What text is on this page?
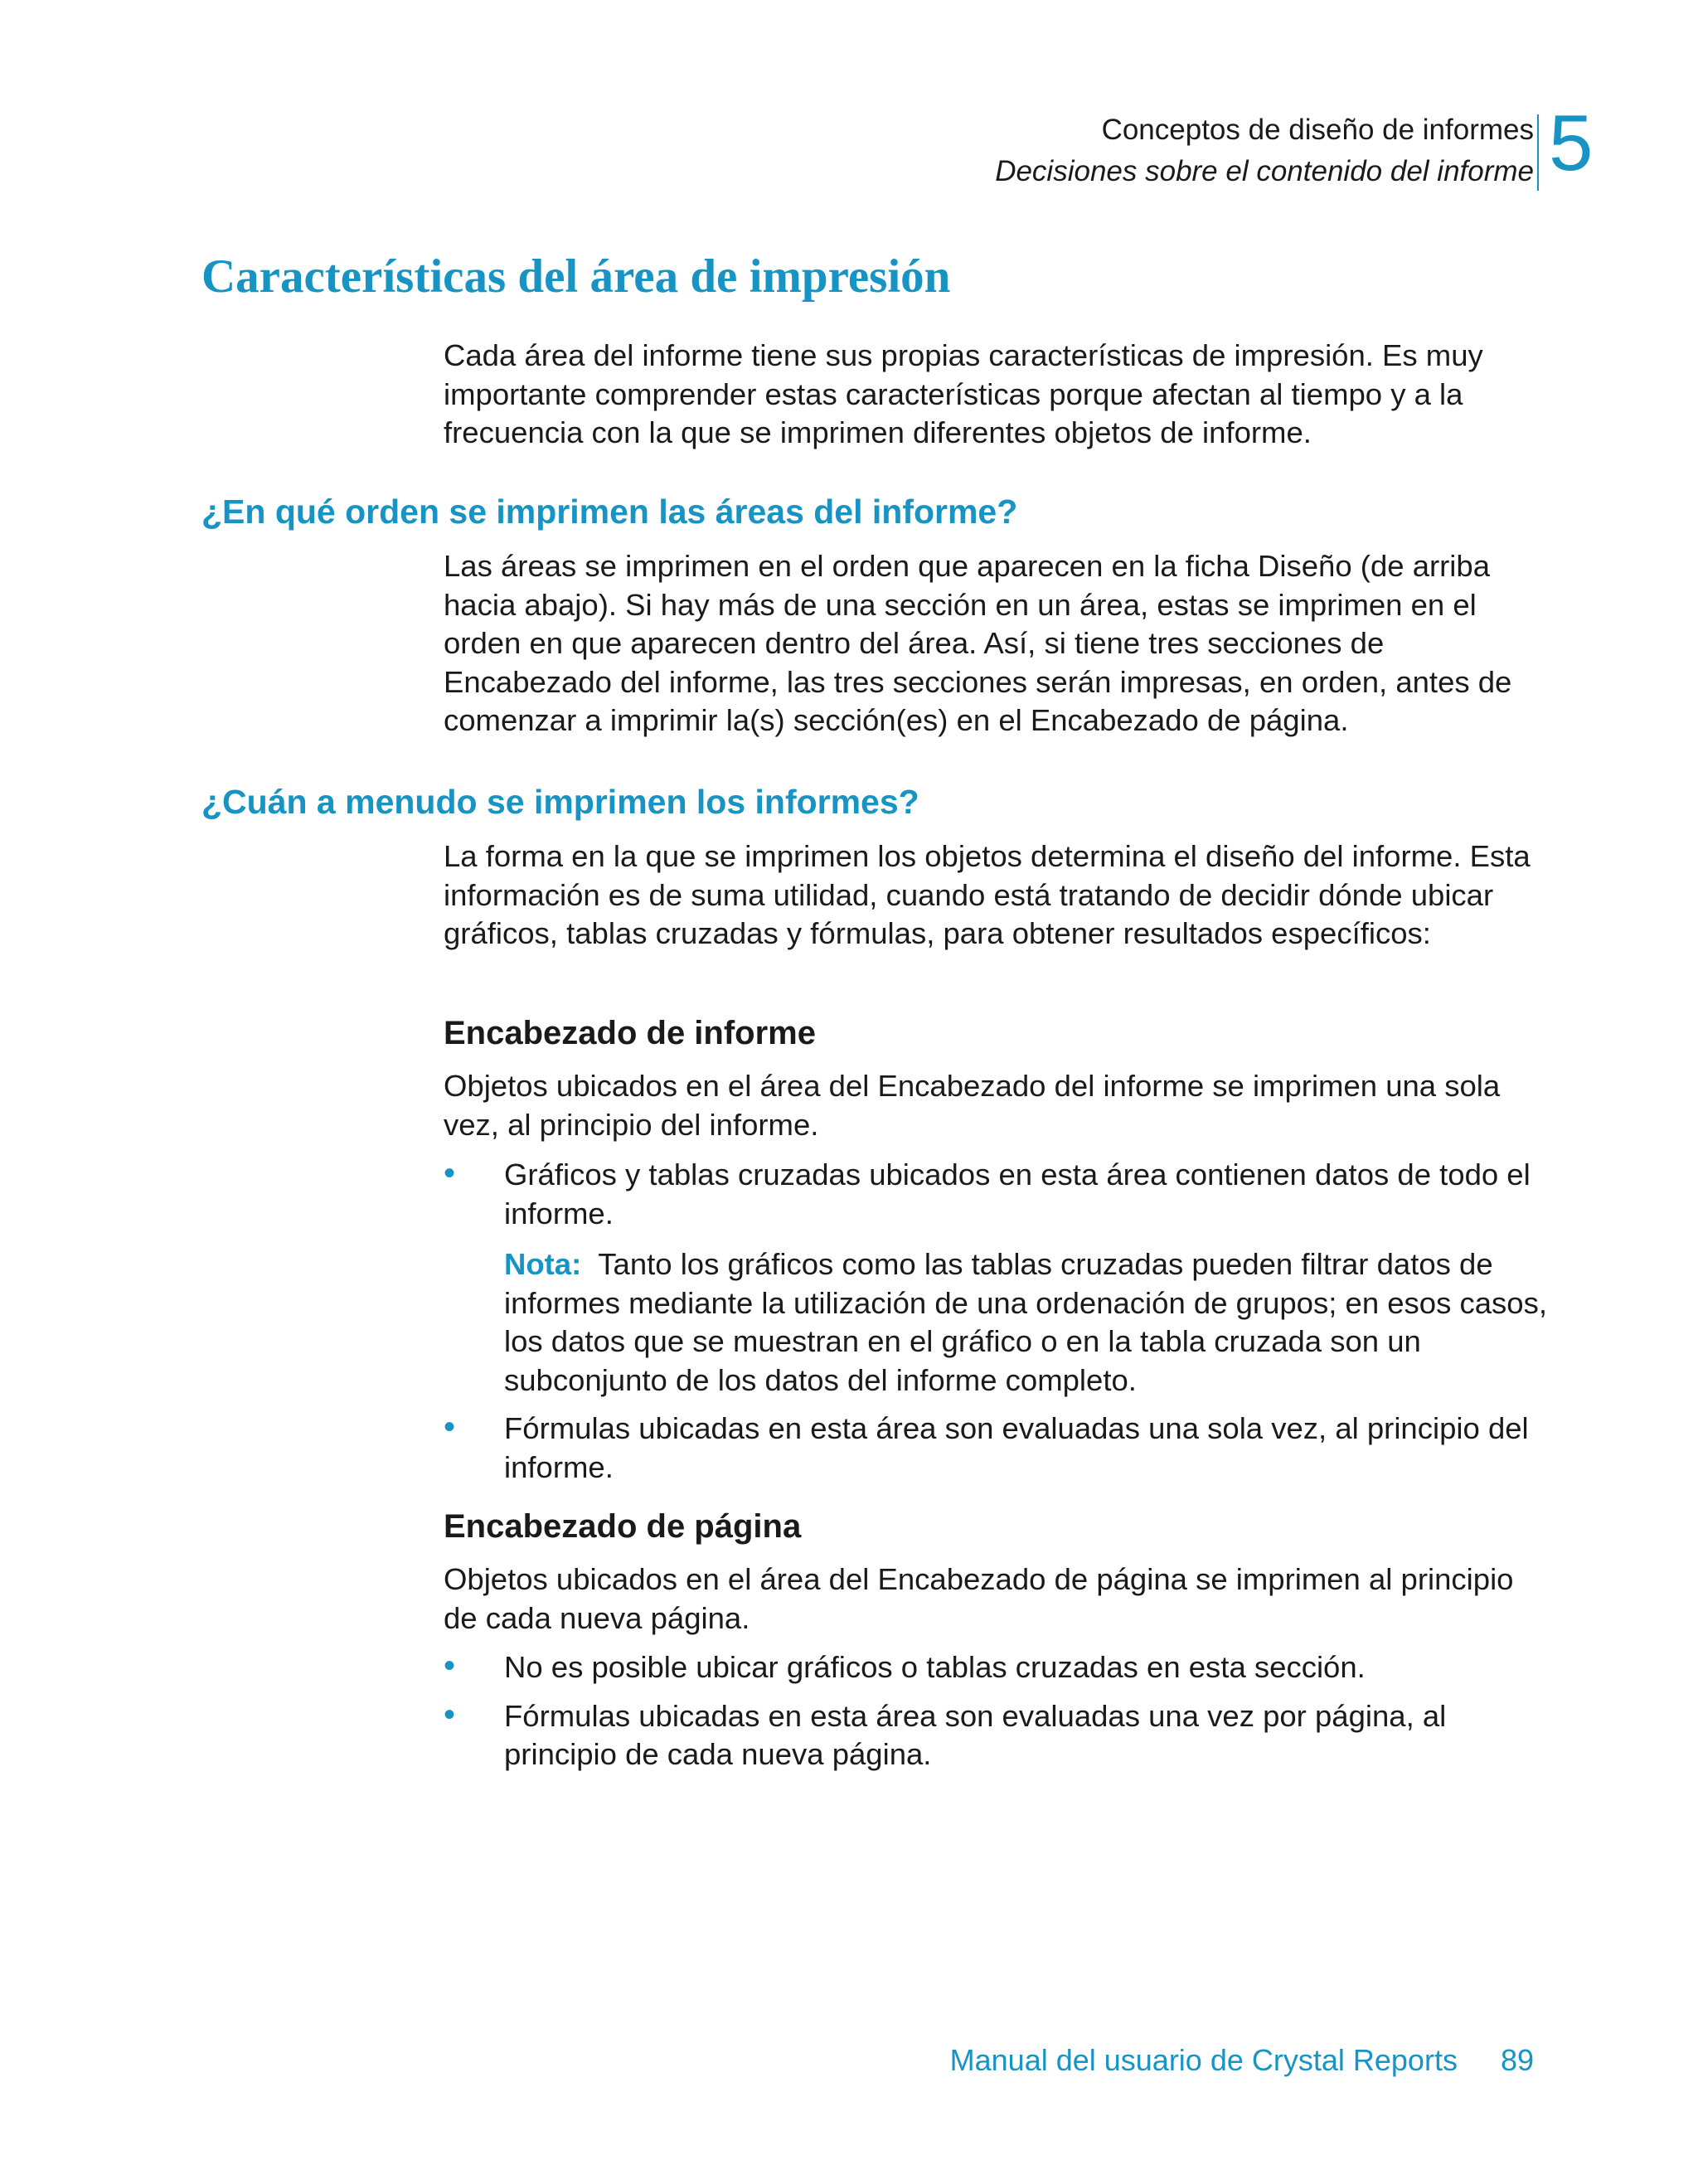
Conceptos de diseño de informes
Decisiones sobre el contenido del informe 5
Características del área de impresión

Cada área del informe tiene sus propias características de impresión. Es muy importante comprender estas características porque afectan al tiempo y a la frecuencia con la que se imprimen diferentes objetos de informe.

¿En qué orden se imprimen las áreas del informe?

Las áreas se imprimen en el orden que aparecen en la ficha Diseño (de arriba hacia abajo). Si hay más de una sección en un área, estas se imprimen en el orden en que aparecen dentro del área. Así, si tiene tres secciones de Encabezado del informe, las tres secciones serán impresas, en orden, antes de comenzar a imprimir la(s) sección(es) en el Encabezado de página.

¿Cuán a menudo se imprimen los informes?

La forma en la que se imprimen los objetos determina el diseño del informe. Esta información es de suma utilidad, cuando está tratando de decidir dónde ubicar gráficos, tablas cruzadas y fórmulas, para obtener resultados específicos:

Encabezado de informe

Objetos ubicados en el área del Encabezado del informe se imprimen una sola vez, al principio del informe.

• Gráficos y tablas cruzadas ubicados en esta área contienen datos de todo el informe.

Nota: Tanto los gráficos como las tablas cruzadas pueden filtrar datos de informes mediante la utilización de una ordenación de grupos; en esos casos, los datos que se muestran en el gráfico o en la tabla cruzada son un subconjunto de los datos del informe completo.

• Fórmulas ubicadas en esta área son evaluadas una sola vez, al principio del informe.
Encabezado de página

Objetos ubicados en el área del Encabezado de página se imprimen al principio de cada nueva página.

• No es posible ubicar gráficos o tablas cruzadas en esta sección.
• Fórmulas ubicadas en esta área son evaluadas una vez por página, al principio de cada nueva página.
Manual del usuario de Crystal Reports 89
